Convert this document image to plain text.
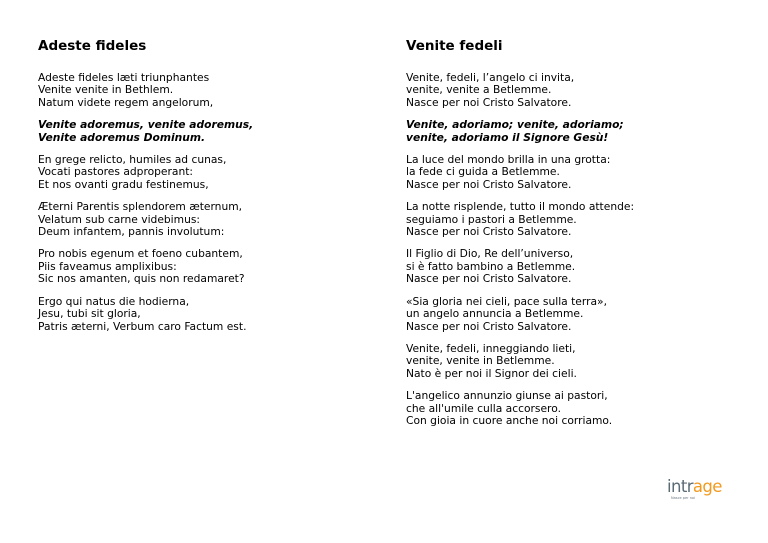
Adeste fideles
Adeste fideles læti triunphantes
Venite venite in Bethlem.
Natum videte regem angelorum,
Venite adoremus, venite adoremus,
Venite adoremus Dominum.
En grege relicto, humiles ad cunas,
Vocati pastores adproperant:
Et nos ovanti gradu festinemus,
Æterni Parentis splendorem æternum,
Velatum sub carne videbimus:
Deum infantem, pannis involutum:
Pro nobis egenum et foeno cubantem,
Piis faveamus amplixibus:
Sic nos amanten, quis non redamaret?
Ergo qui natus die hodierna,
Jesu, tubi sit gloria,
Patris æterni, Verbum caro Factum est.
Venite fedeli
Venite, fedeli, l’angelo ci invita,
venite, venite a Betlemme.
Nasce per noi Cristo Salvatore.
Venite, adoriamo; venite, adoriamo;
venite, adoriamo il Signore Gesù!
La luce del mondo brilla in una grotta:
la fede ci guida a Betlemme.
Nasce per noi Cristo Salvatore.
La notte risplende, tutto il mondo attende:
seguiamo i pastori a Betlemme.
Nasce per noi Cristo Salvatore.
Il Figlio di Dio, Re dell’universo,
si è fatto bambino a Betlemme.
Nasce per noi Cristo Salvatore.
«Sia gloria nei cieli, pace sulla terra»,
un angelo annuncia a Betlemme.
Nasce per noi Cristo Salvatore.
Venite, fedeli, inneggiando lieti,
venite, venite in Betlemme.
Nato è per noi il Signor dei cieli.
L'angelico annunzio giunse ai pastori,
che all'umile culla accorsero.
Con gioia in cuore anche noi corriamo.
intrage
Nasce per noi
